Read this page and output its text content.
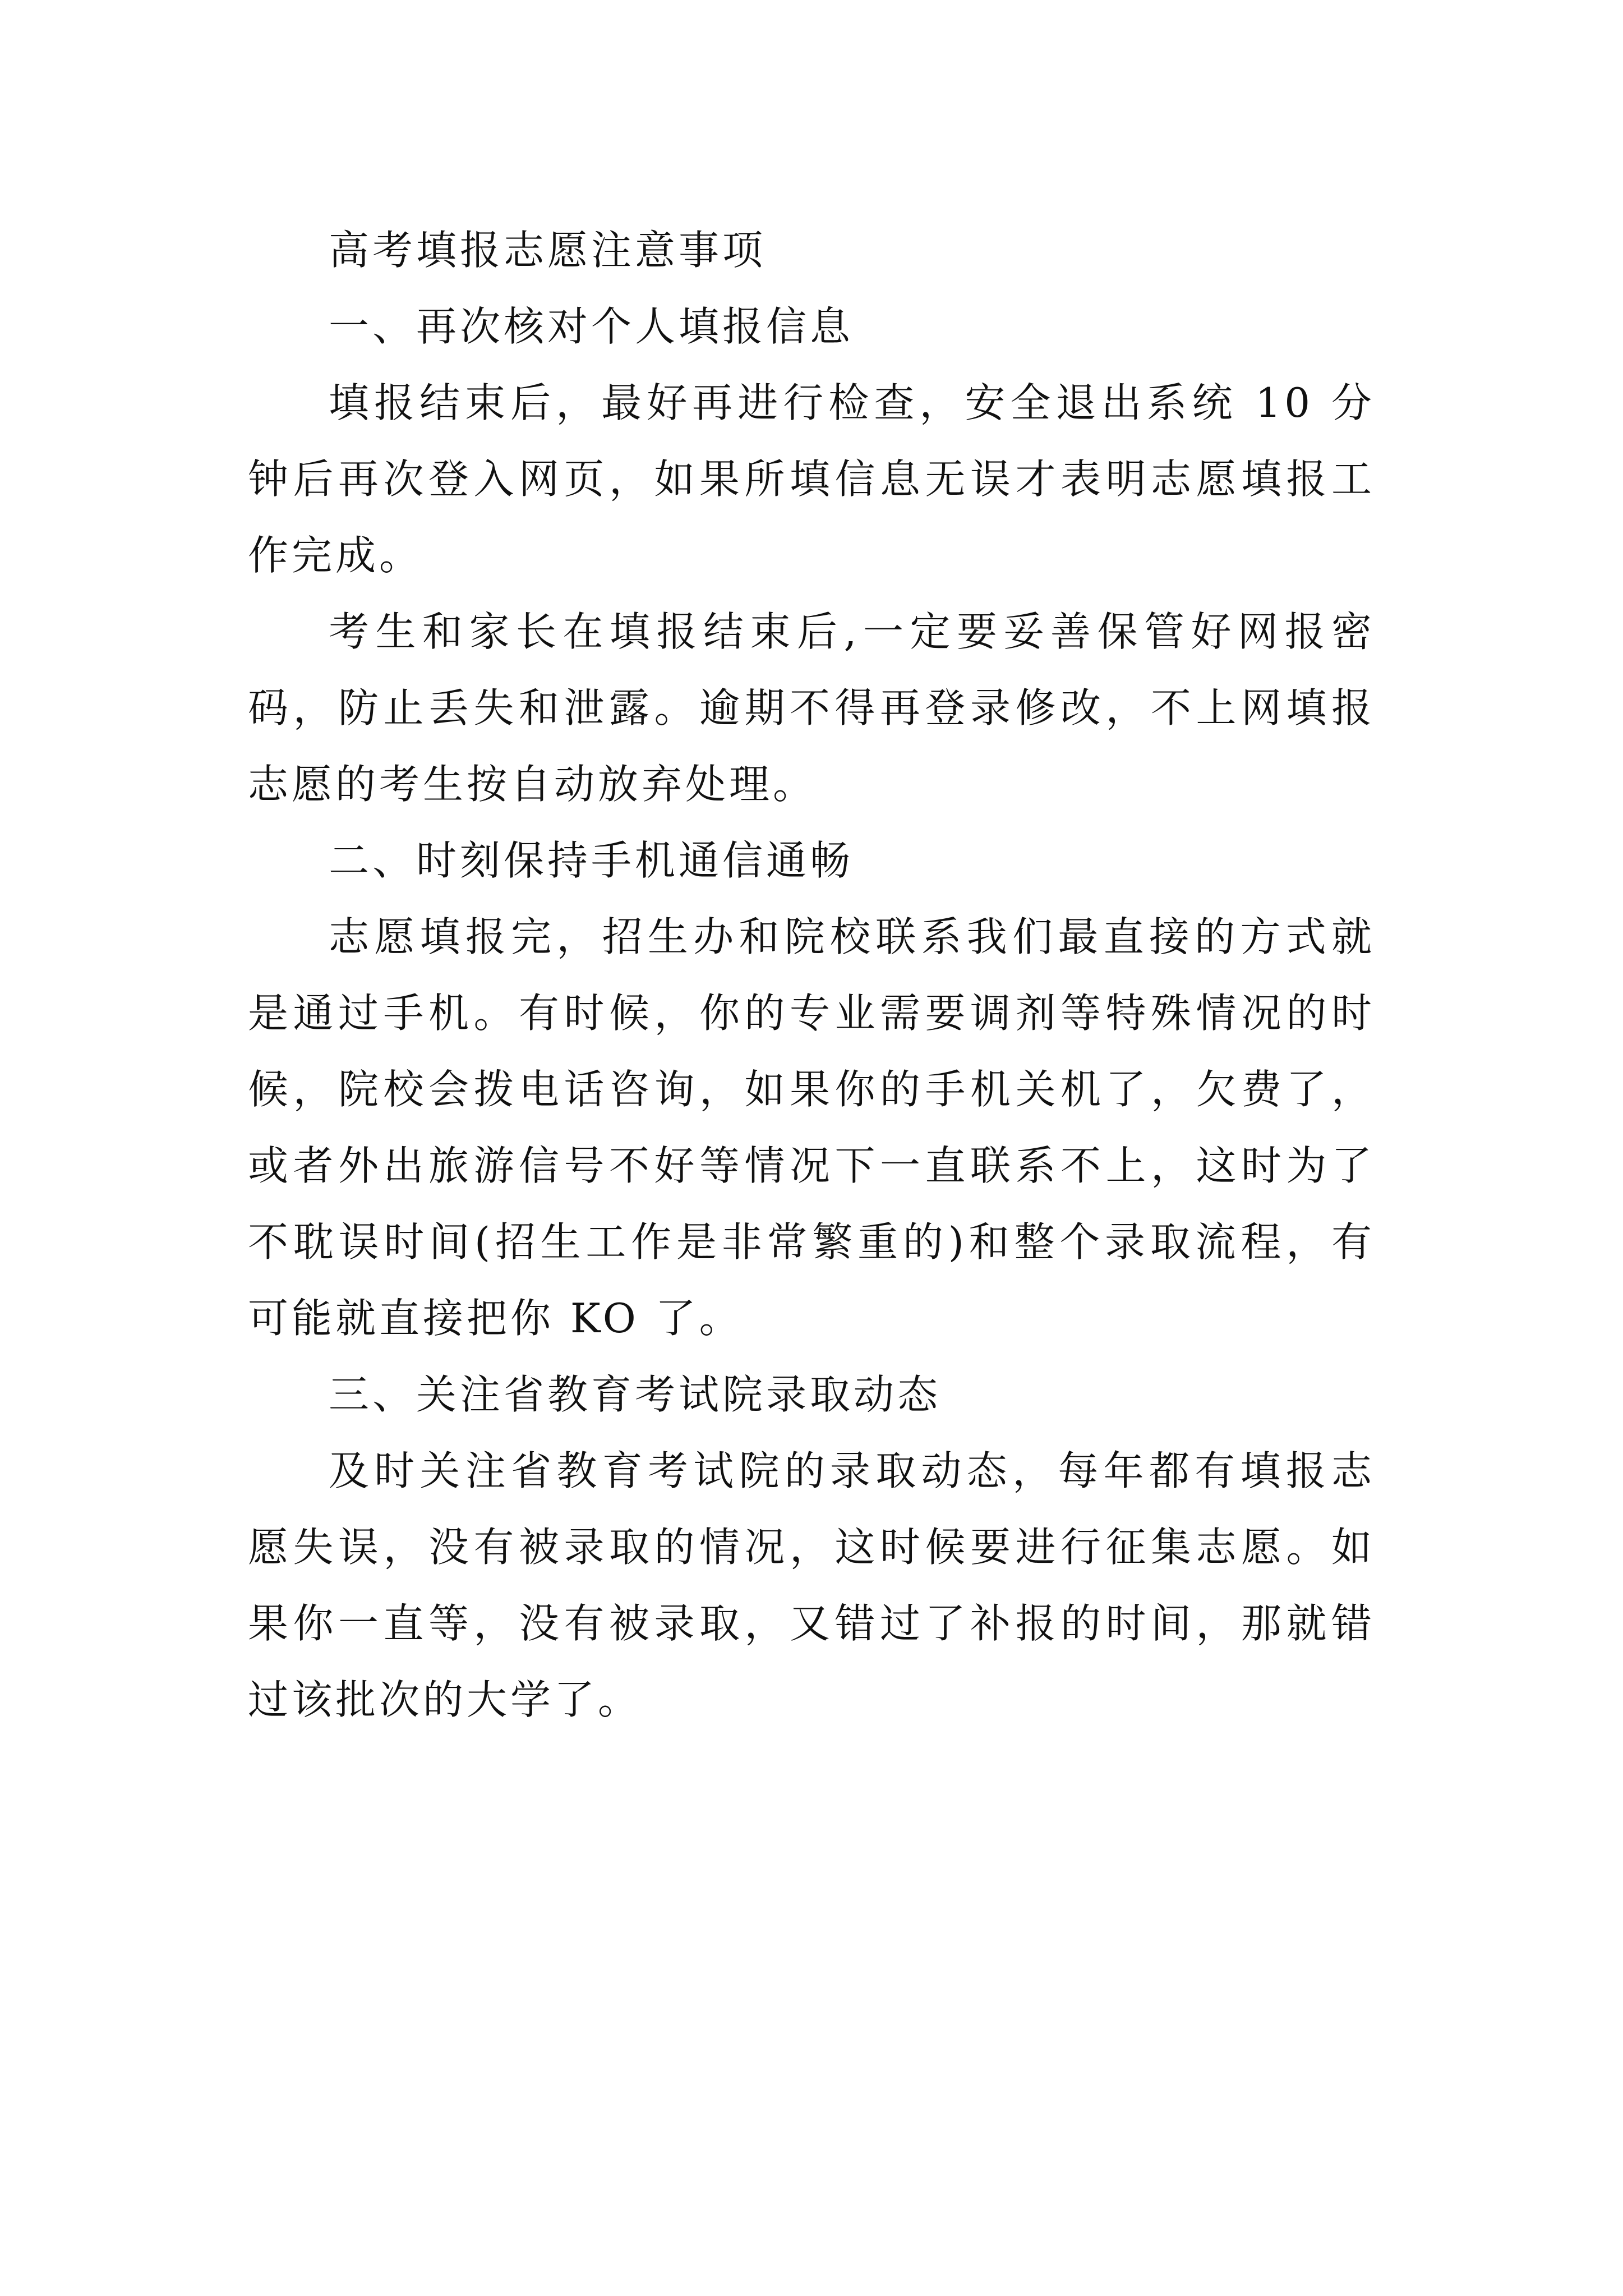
高考填报志愿注意事项

一、再次核对个人填报信息

填报结束后，最好再进行检查，安全退出系统 10 分钟后再次登入网页，如果所填信息无误才表明志愿填报工作完成。

考生和家长在填报结束后,一定要妥善保管好网报密码，防止丢失和泄露。逾期不得再登录修改，不上网填报志愿的考生按自动放弃处理。

二、时刻保持手机通信通畅

志愿填报完，招生办和院校联系我们最直接的方式就是通过手机。有时候，你的专业需要调剂等特殊情况的时候，院校会拨电话咨询，如果你的手机关机了，欠费了，或者外出旅游信号不好等情况下一直联系不上，这时为了不耽误时间(招生工作是非常繁重的)和整个录取流程，有可能就直接把你 KO 了。

三、关注省教育考试院录取动态

及时关注省教育考试院的录取动态，每年都有填报志愿失误，没有被录取的情况，这时候要进行征集志愿。如果你一直等，没有被录取，又错过了补报的时间，那就错过该批次的大学了。
